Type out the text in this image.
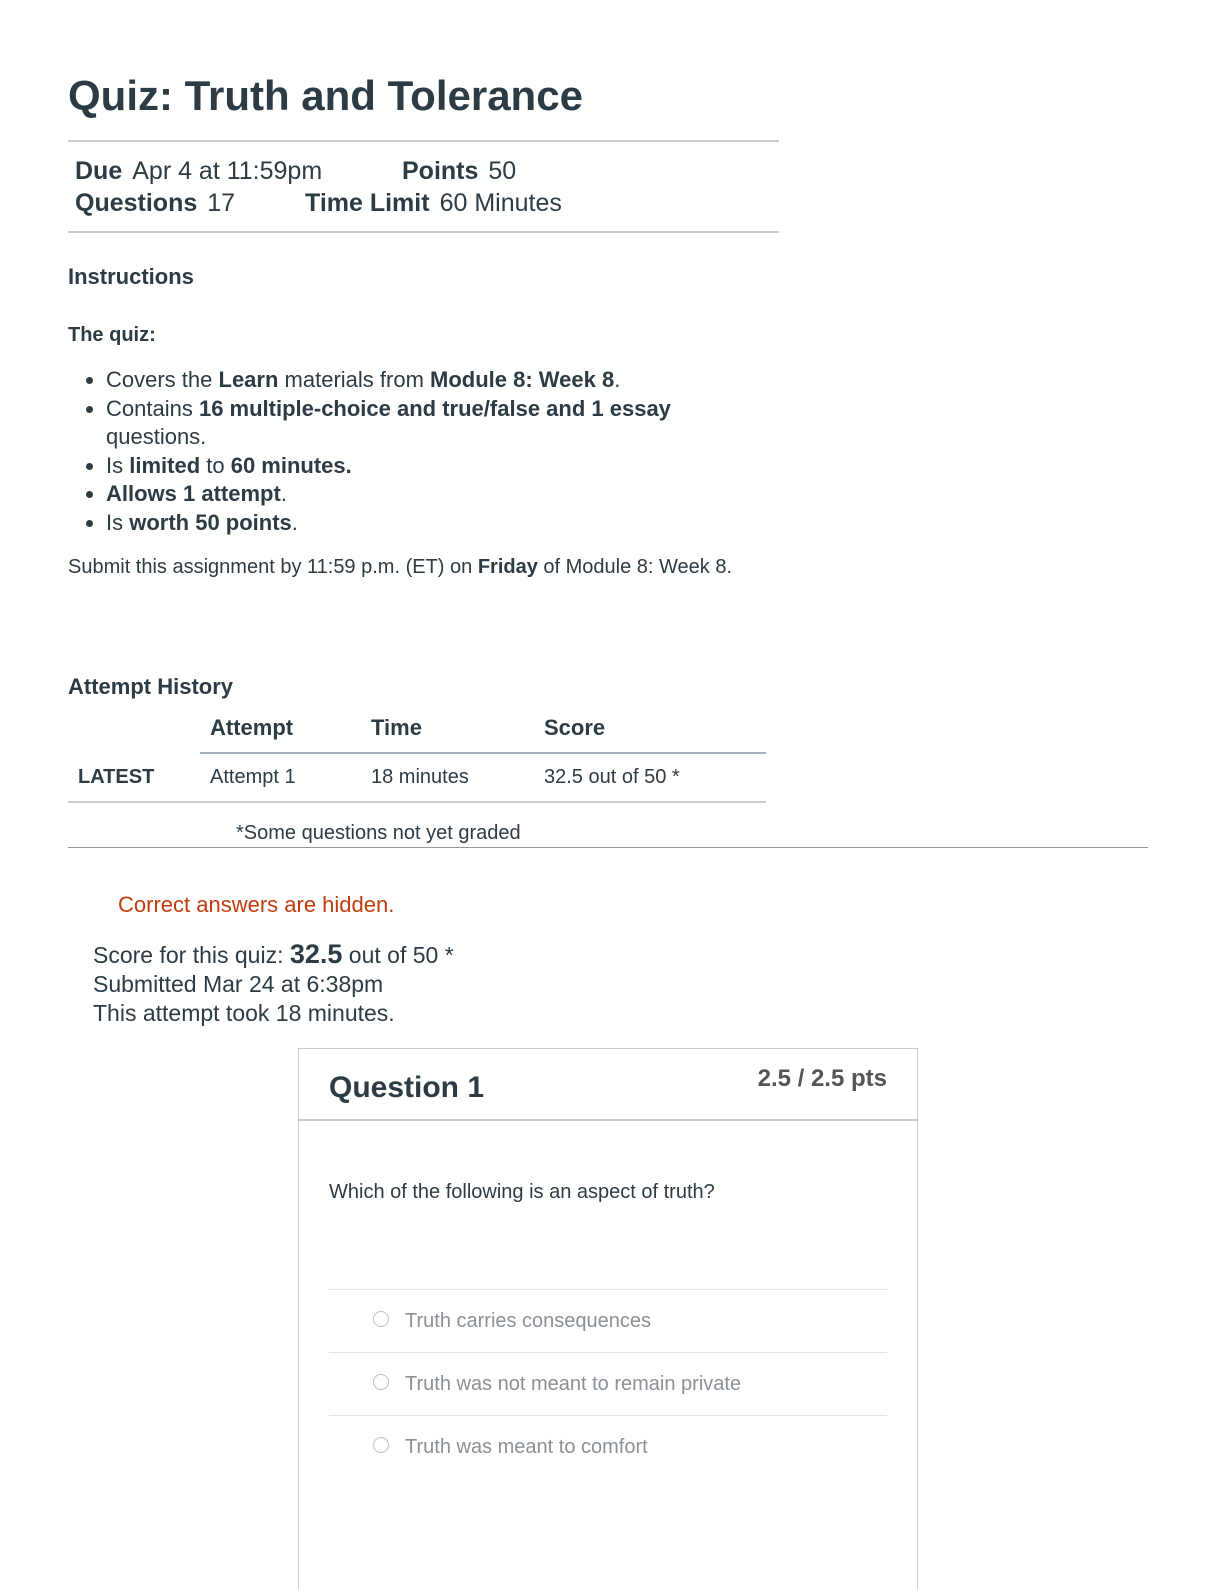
Quiz: Truth and Tolerance
Due Apr 4 at 11:59pm	Points 50
Questions 17	Time Limit 60 Minutes
Instructions
The quiz:
• Covers the Learn materials from Module 8: Week 8.
• Contains 16 multiple-choice and true/false and 1 essay questions.
• Is limited to 60 minutes.
• Allows 1 attempt.
• Is worth 50 points.
Submit this assignment by 11:59 p.m. (ET) on Friday of Module 8: Week 8.
Attempt History
	Attempt	Time	Score
LATEST	Attempt 1	18 minutes	32.5 out of 50 *
*Some questions not yet graded
Correct answers are hidden.
Score for this quiz: 32.5 out of 50 *
Submitted Mar 24 at 6:38pm
This attempt took 18 minutes.
Question 1	2.5 / 2.5 pts
Which of the following is an aspect of truth?
Truth carries consequences
Truth was not meant to remain private
Truth was meant to comfort
